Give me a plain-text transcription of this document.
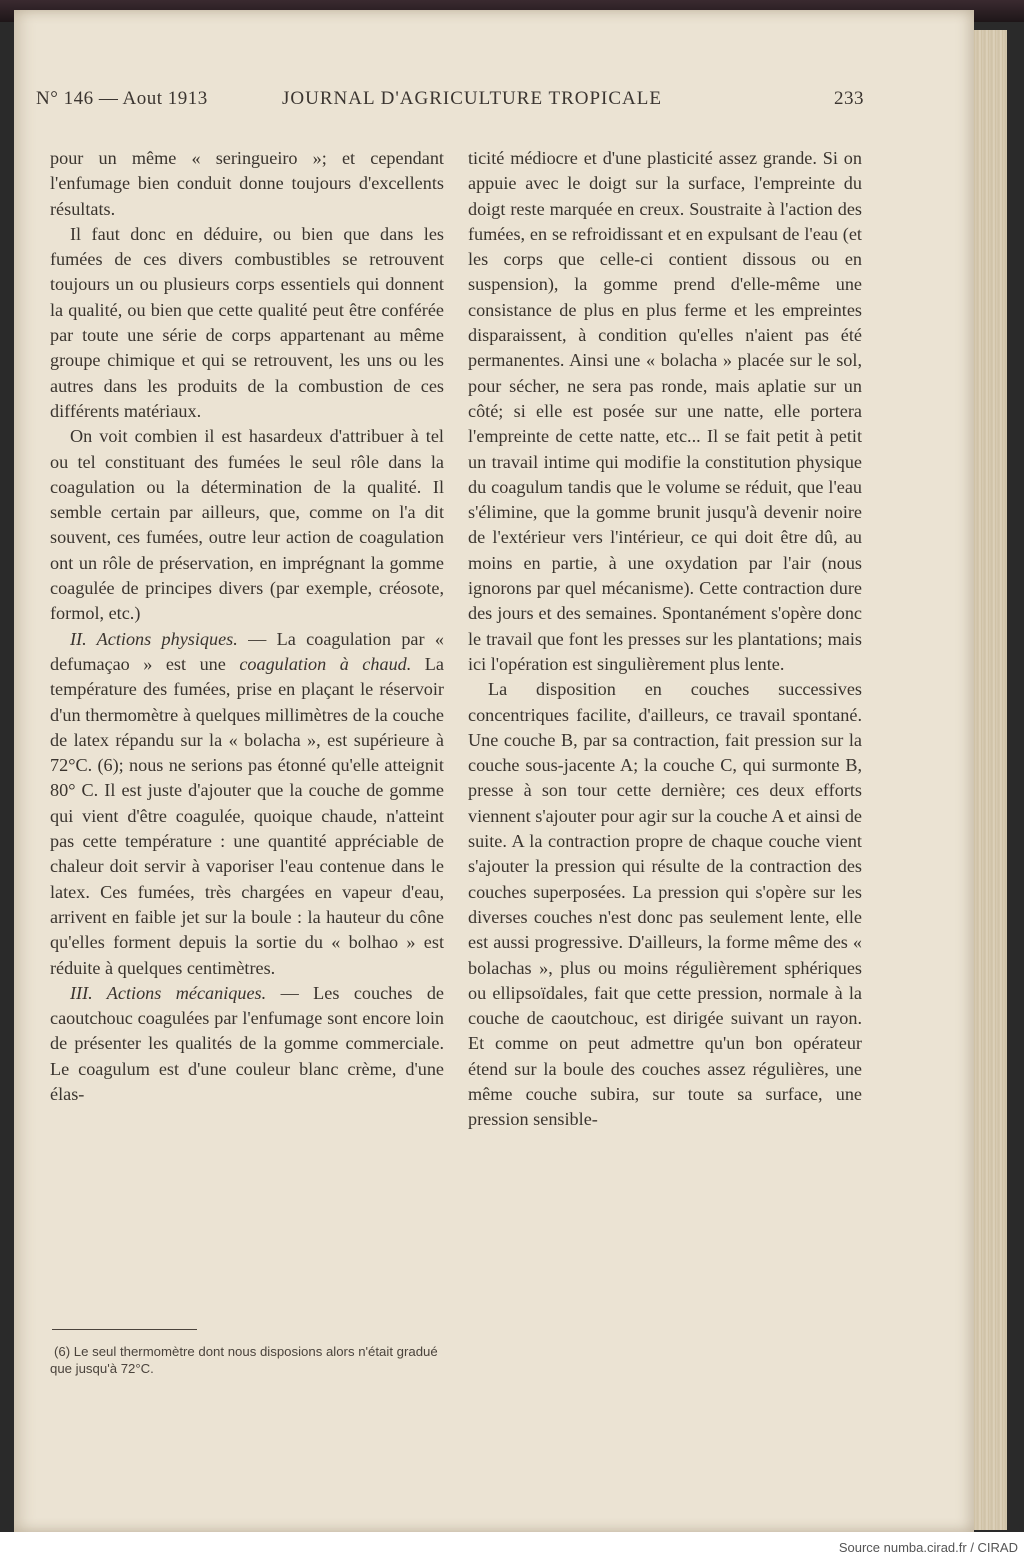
N° 146 — Aout 1913	JOURNAL D'AGRICULTURE TROPICALE	233

pour un même « seringueiro »; et cependant l'enfumage bien conduit donne toujours d'excellents résultats.

Il faut donc en déduire, ou bien que dans les fumées de ces divers combustibles se retrouvent toujours un ou plusieurs corps essentiels qui donnent la qualité, ou bien que cette qualité peut être conférée par toute une série de corps appartenant au même groupe chimique et qui se retrouvent, les uns ou les autres dans les produits de la combustion de ces différents matériaux.

On voit combien il est hasardeux d'attribuer à tel ou tel constituant des fumées le seul rôle dans la coagulation ou la détermination de la qualité. Il semble certain par ailleurs, que, comme on l'a dit souvent, ces fumées, outre leur action de coagulation ont un rôle de préservation, en imprégnant la gomme coagulée de principes divers (par exemple, créosote, formol, etc.)

II. Actions physiques. — La coagulation par « defumaçao » est une coagulation à chaud. La température des fumées, prise en plaçant le réservoir d'un thermomètre à quelques millimètres de la couche de latex répandu sur la « bolacha », est supérieure à 72°C. (6); nous ne serions pas étonné qu'elle atteignit 80° C. Il est juste d'ajouter que la couche de gomme qui vient d'être coagulée, quoique chaude, n'atteint pas cette température : une quantité appréciable de chaleur doit servir à vaporiser l'eau contenue dans le latex. Ces fumées, très chargées en vapeur d'eau, arrivent en faible jet sur la boule : la hauteur du cône qu'elles forment depuis la sortie du « bolhao » est réduite à quelques centimètres.

III. Actions mécaniques. — Les couches de caoutchouc coagulées par l'enfumage sont encore loin de présenter les qualités de la gomme commerciale. Le coagulum est d'une couleur blanc crème, d'une élas-

ticité médiocre et d'une plasticité assez grande. Si on appuie avec le doigt sur la surface, l'empreinte du doigt reste marquée en creux. Soustraite à l'action des fumées, en se refroidissant et en expulsant de l'eau (et les corps que celle-ci contient dissous ou en suspension), la gomme prend d'elle-même une consistance de plus en plus ferme et les empreintes disparaissent, à condition qu'elles n'aient pas été permanentes. Ainsi une « bolacha » placée sur le sol, pour sécher, ne sera pas ronde, mais aplatie sur un côté; si elle est posée sur une natte, elle portera l'empreinte de cette natte, etc... Il se fait petit à petit un travail intime qui modifie la constitution physique du coagulum tandis que le volume se réduit, que l'eau s'élimine, que la gomme brunit jusqu'à devenir noire de l'extérieur vers l'intérieur, ce qui doit être dû, au moins en partie, à une oxydation par l'air (nous ignorons par quel mécanisme). Cette contraction dure des jours et des semaines. Spontanément s'opère donc le travail que font les presses sur les plantations; mais ici l'opération est singulièrement plus lente.

La disposition en couches successives concentriques facilite, d'ailleurs, ce travail spontané. Une couche B, par sa contraction, fait pression sur la couche sous-jacente A; la couche C, qui surmonte B, presse à son tour cette dernière; ces deux efforts viennent s'ajouter pour agir sur la couche A et ainsi de suite. A la contraction propre de chaque couche vient s'ajouter la pression qui résulte de la contraction des couches superposées. La pression qui s'opère sur les diverses couches n'est donc pas seulement lente, elle est aussi progressive. D'ailleurs, la forme même des « bolachas », plus ou moins régulièrement sphériques ou ellipsoïdales, fait que cette pression, normale à la couche de caoutchouc, est dirigée suivant un rayon. Et comme on peut admettre qu'un bon opérateur étend sur la boule des couches assez régulières, une même couche subira, sur toute sa surface, une pression sensible-

(6) Le seul thermomètre dont nous disposions alors n'était gradué que jusqu'à 72°C.

Source numba.cirad.fr / CIRAD
